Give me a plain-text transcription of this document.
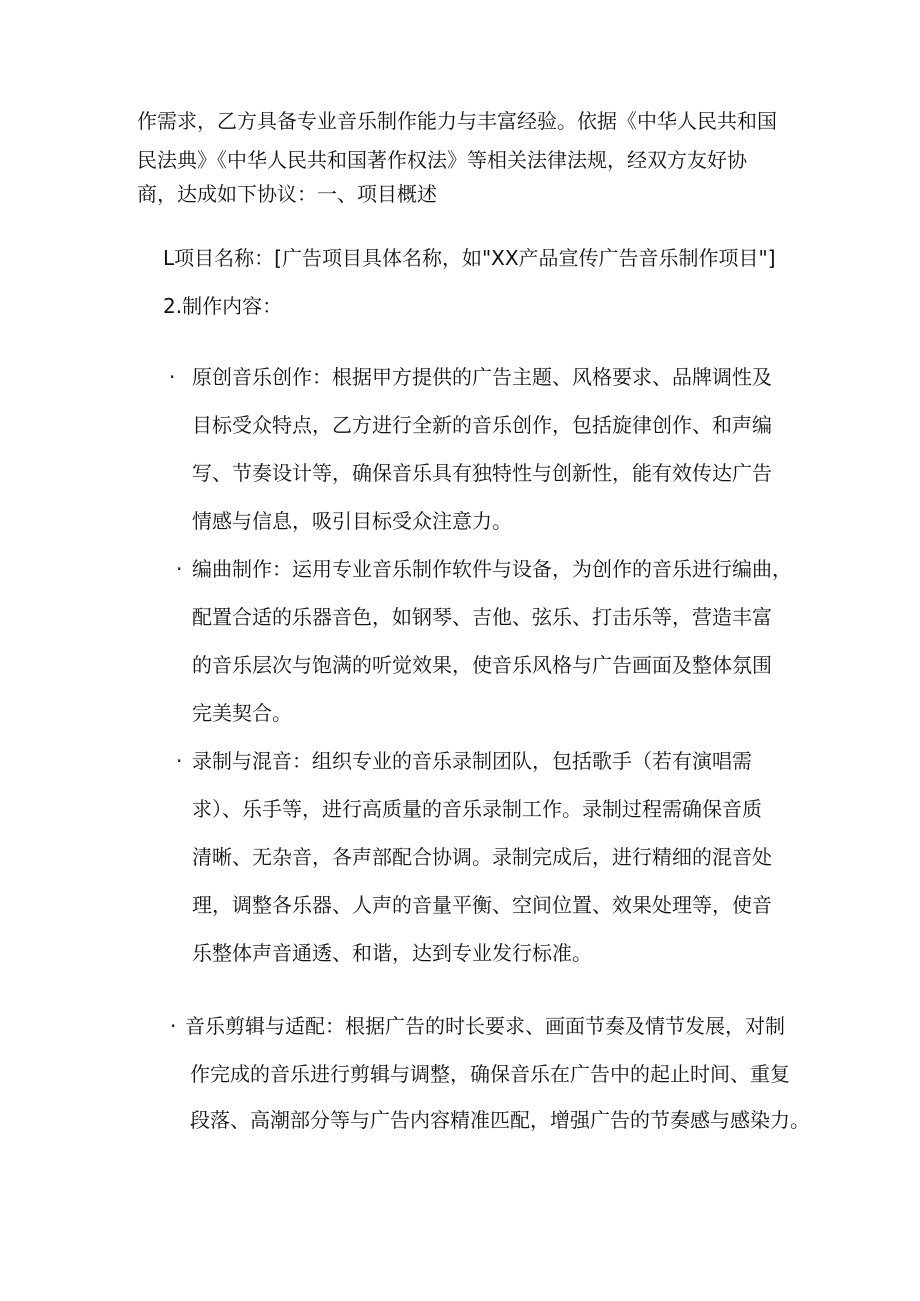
作需求，乙方具备专业音乐制作能力与丰富经验。依据《中华人民共和国
民法典》《中华人民共和国著作权法》等相关法律法规，经双方友好协
商，达成如下协议：一、项目概述
L项目名称：[广告项目具体名称，如"XX产品宣传广告音乐制作项目"]
2.制作内容：
· 原创音乐创作：根据甲方提供的广告主题、风格要求、品牌调性及
目标受众特点，乙方进行全新的音乐创作，包括旋律创作、和声编
写、节奏设计等，确保音乐具有独特性与创新性，能有效传达广告
情感与信息，吸引目标受众注意力。
· 编曲制作：运用专业音乐制作软件与设备，为创作的音乐进行编曲，
配置合适的乐器音色，如钢琴、吉他、弦乐、打击乐等，营造丰富
的音乐层次与饱满的听觉效果，使音乐风格与广告画面及整体氛围
完美契合。
· 录制与混音：组织专业的音乐录制团队，包括歌手（若有演唱需
求）、乐手等，进行高质量的音乐录制工作。录制过程需确保音质
清晰、无杂音，各声部配合协调。录制完成后，进行精细的混音处
理，调整各乐器、人声的音量平衡、空间位置、效果处理等，使音
乐整体声音通透、和谐，达到专业发行标准。
· 音乐剪辑与适配：根据广告的时长要求、画面节奏及情节发展，对制
作完成的音乐进行剪辑与调整，确保音乐在广告中的起止时间、重复
段落、高潮部分等与广告内容精准匹配，增强广告的节奏感与感染力。
